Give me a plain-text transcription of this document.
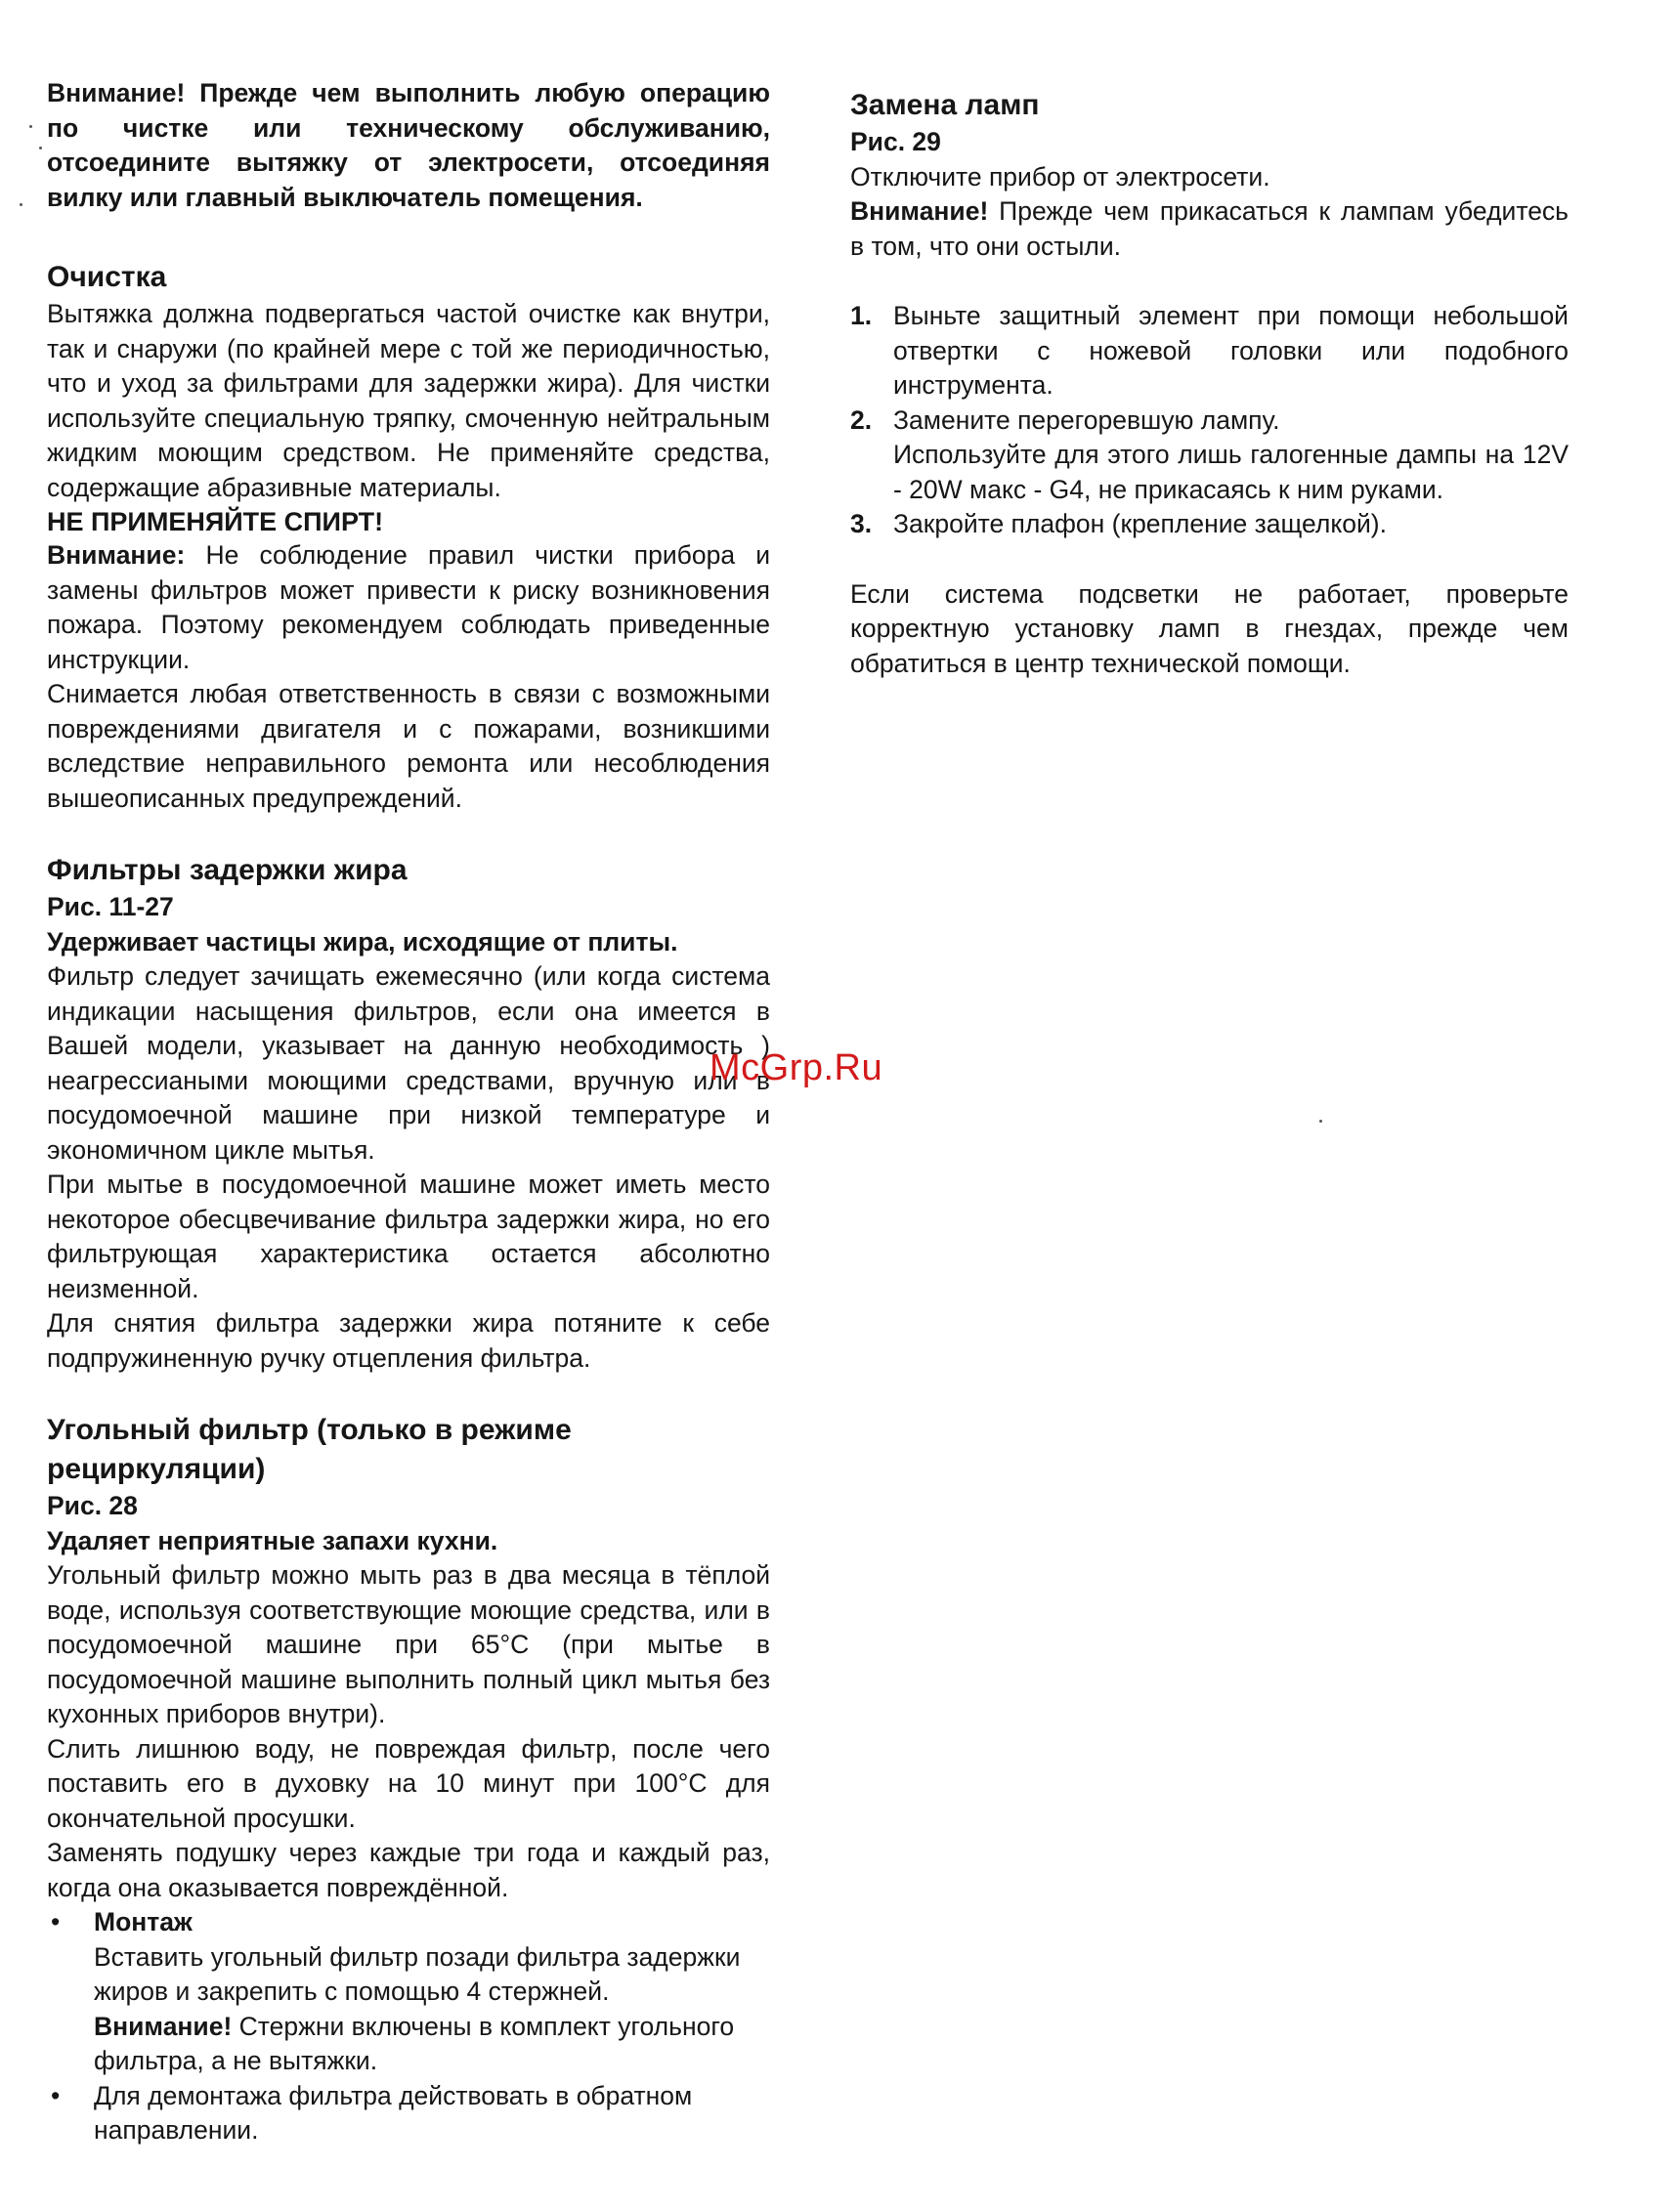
Внимание! Прежде чем выполнить любую операцию по чистке или техническому обслуживанию, отсоедините вытяжку от электросети, отсоединяя вилку или главный выключатель помещения.

Очистка

Вытяжка должна подвергаться частой очистке как внутри, так и снаружи (по крайней мере с той же периодичностью, что и уход за фильтрами для задержки жира). Для чистки используйте специальную тряпку, смоченную нейтральным жидким моющим средством. Не применяйте средства, содержащие абразивные материалы.

НЕ ПРИМЕНЯЙТЕ СПИРТ!

Внимание: Не соблюдение правил чистки прибора и замены фильтров может привести к риску возникновения пожара. Поэтому рекомендуем соблюдать приведенные инструкции.

Снимается любая ответственность в связи с возможными повреждениями двигателя и с пожарами, возникшими вследствие неправильного ремонта или несоблюдения вышеописанных предупреждений.

Фильтры задержки жира
Рис. 11-27
Удерживает частицы жира, исходящие от плиты.

Фильтр следует зачищать ежемесячно (или когда система индикации насыщения фильтров, если она имеется в Вашей модели, указывает на данную необходимость ) неагрессиаными моющими средствами, вручную или в посудомоечной машине при низкой температуре и экономичном цикле мытья.

При мытье в посудомоечной машине может иметь место некоторое обесцвечивание фильтра задержки жира, но его фильтрующая характеристика остается абсолютно неизменной.

Для снятия фильтра задержки жира потяните к себе подпружиненную ручку отцепления фильтра.

Угольный фильтр (только в режиме рециркуляции)
Рис. 28
Удаляет неприятные запахи кухни.

Угольный фильтр можно мыть раз в два месяца в тёплой воде, используя соответствующие моющие средства, или в посудомоечной машине при 65°С (при мытье в посудомоечной машине выполнить полный цикл мытья без кухонных приборов внутри).

Слить лишнюю воду, не повреждая фильтр, после чего поставить его в духовку на 10 минут при 100°С для окончательной просушки.

Заменять подушку через каждые три года и каждый раз, когда она оказывается повреждённой.

• Монтаж
Вставить угольный фильтр позади фильтра задержки жиров и закрепить с помощью 4 стержней.
Внимание! Стержни включены в комплект угольного фильтра, а не вытяжки.
• Для демонтажа фильтра действовать в обратном направлении.
Замена ламп
Рис. 29

Отключите прибор от электросети.

Внимание! Прежде чем прикасаться к лампам убедитесь в том, что они остыли.

1. Выньте защитный элемент при помощи небольшой отвертки с ножевой головки или подобного инструмента.
2. Замените перегоревшую лампу.
Используйте для этого лишь галогенные дампы на 12V - 20W макс - G4, не прикасаясь к ним руками.
3. Закройте плафон (крепление защелкой).

Если система подсветки не работает, проверьте корректную установку ламп в гнездах, прежде чем обратиться в центр технической помощи.

McGrp.Ru
